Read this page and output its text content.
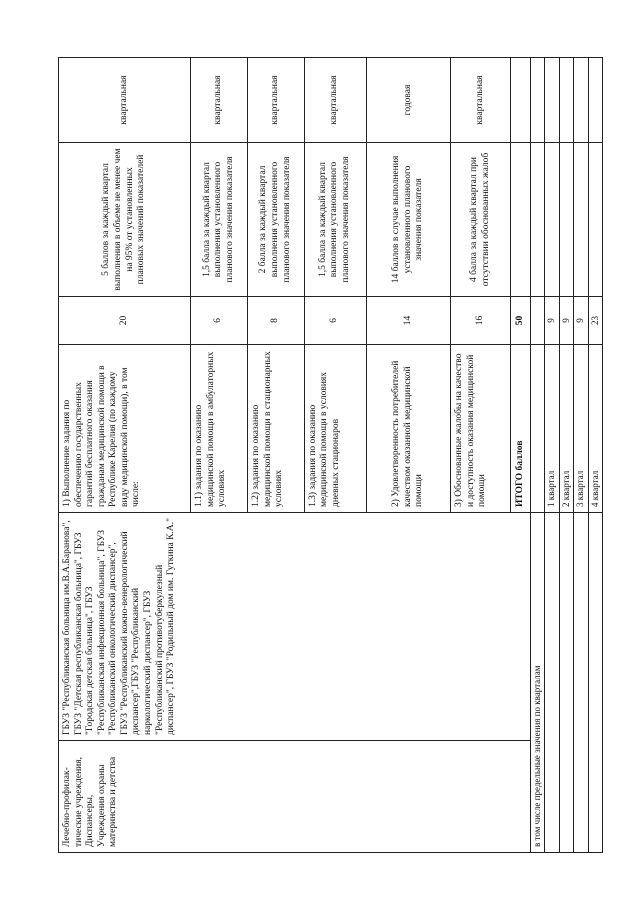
Лечебно-профилак-тические учреждения, Диспансеры, Учреждения охраны материнства и детства	ГБУЗ "Республиканская больница им.В.А.Баранова", ГБУЗ "Детская республиканская больница", ГБУЗ "Городская детская больница", ГБУЗ "Республиканская инфекционная больница", ГБУЗ "Республиканский онкологический диспансер", ГБУЗ "Республиканский кожно-венерологический диспансер",ГБУЗ "Республиканский наркологический диспансер", ГБУЗ "Республиканский противотуберкулезный диспансер", ГБУЗ "Родильный дом им. Гуткина К.А."	1) Выполнение задания по обеспечению государственных гарантий бесплатного оказания гражданам медицинской помощи в Республике Карелия (по каждому виду медицинской помощи), в том числе:	20	5 баллов за каждый квартал выполнения в объеме не менее чем на 95% от установленных плановых значений показателей	квартальная
		1.1) задания по оказанию медицинской помощи в амбулаторных условиях	6	1,5 балла за каждый квартал выполнения установленного планового значения показателя	квартальная
		1.2) задания по оказанию медицинской помощи в стационарных условиях	8	2 балла за каждый квартал выполнения установленного планового значения показателя	квартальная
		1.3) задания по оказанию медицинской помощи в условиях дневных стационаров	6	1,5 балла за каждый квартал выполнения установленного планового значения показателя	квартальная
		2) Удовлетворенность потребителей качеством оказанной медицинской помощи	14	14 баллов в случае выполнения установленного планового значения показателя	годовая
		3) Обоснованные жалобы на качество и доступность оказания медицинской помощи	16	4 балла за каждый квартал при отсутствии обоснованных жалоб	квартальная
		ИТОГО баллов	50		
в том числе предельные значения по кварталам					
		1 квартал	9		
		2 квартал	9		
		3 квартал	9		
		4 квартал	23		
